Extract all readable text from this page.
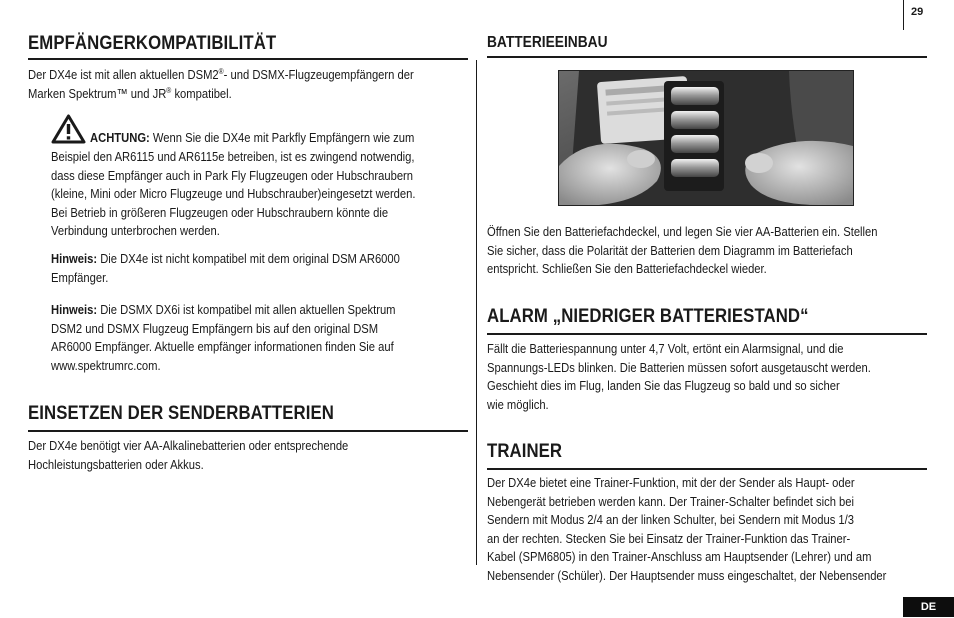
29
EMPFÄNGERKOMPATIBILITÄT
Der DX4e ist mit allen aktuellen DSM2®- und DSMX-Flugzeugempfängern der
Marken Spektrum™ und JR® kompatibel.
ACHTUNG: Wenn Sie die DX4e mit Parkfly Empfängern wie zum
Beispiel den AR6115 und AR6115e betreiben, ist es zwingend notwendig,
dass diese Empfänger auch in Park Fly Flugzeugen oder Hubschraubern
(kleine, Mini oder Micro Flugzeuge und Hubschrauber)eingesetzt werden.
Bei Betrieb in größeren Flugzeugen oder Hubschraubern könnte die
Verbindung unterbrochen werden.
Hinweis: Die DX4e ist nicht kompatibel mit dem original DSM AR6000
Empfänger.
Hinweis: Die DSMX DX6i ist kompatibel mit allen aktuellen Spektrum
DSM2 und DSMX Flugzeug Empfängern bis auf den original DSM
AR6000 Empfänger. Aktuelle empfänger informationen finden Sie auf
www.spektrumrc.com.
EINSETZEN DER SENDERBATTERIEN
Der DX4e benötigt vier AA-Alkalinebatterien oder entsprechende
Hochleistungsbatterien oder Akkus.
BATTERIEEINBAU
Öffnen Sie den Batteriefachdeckel, und legen Sie vier AA-Batterien ein. Stellen
Sie sicher, dass die Polarität der Batterien dem Diagramm im Batteriefach
entspricht. Schließen Sie den Batteriefachdeckel wieder.
ALARM „NIEDRIGER BATTERIESTAND“
Fällt die Batteriespannung unter 4,7 Volt, ertönt ein Alarmsignal, und die
Spannungs-LEDs blinken. Die Batterien müssen sofort ausgetauscht werden.
Geschieht dies im Flug, landen Sie das Flugzeug so bald und so sicher
wie möglich.
TRAINER
Der DX4e bietet eine Trainer-Funktion, mit der der Sender als Haupt- oder
Nebengerät betrieben werden kann. Der Trainer-Schalter befindet sich bei
Sendern mit Modus 2/4 an der linken Schulter, bei Sendern mit Modus 1/3
an der rechten. Stecken Sie bei Einsatz der Trainer-Funktion das Trainer-
Kabel (SPM6805) in den Trainer-Anschluss am Hauptsender (Lehrer) und am
Nebensender (Schüler). Der Hauptsender muss eingeschaltet, der Nebensender
DE
